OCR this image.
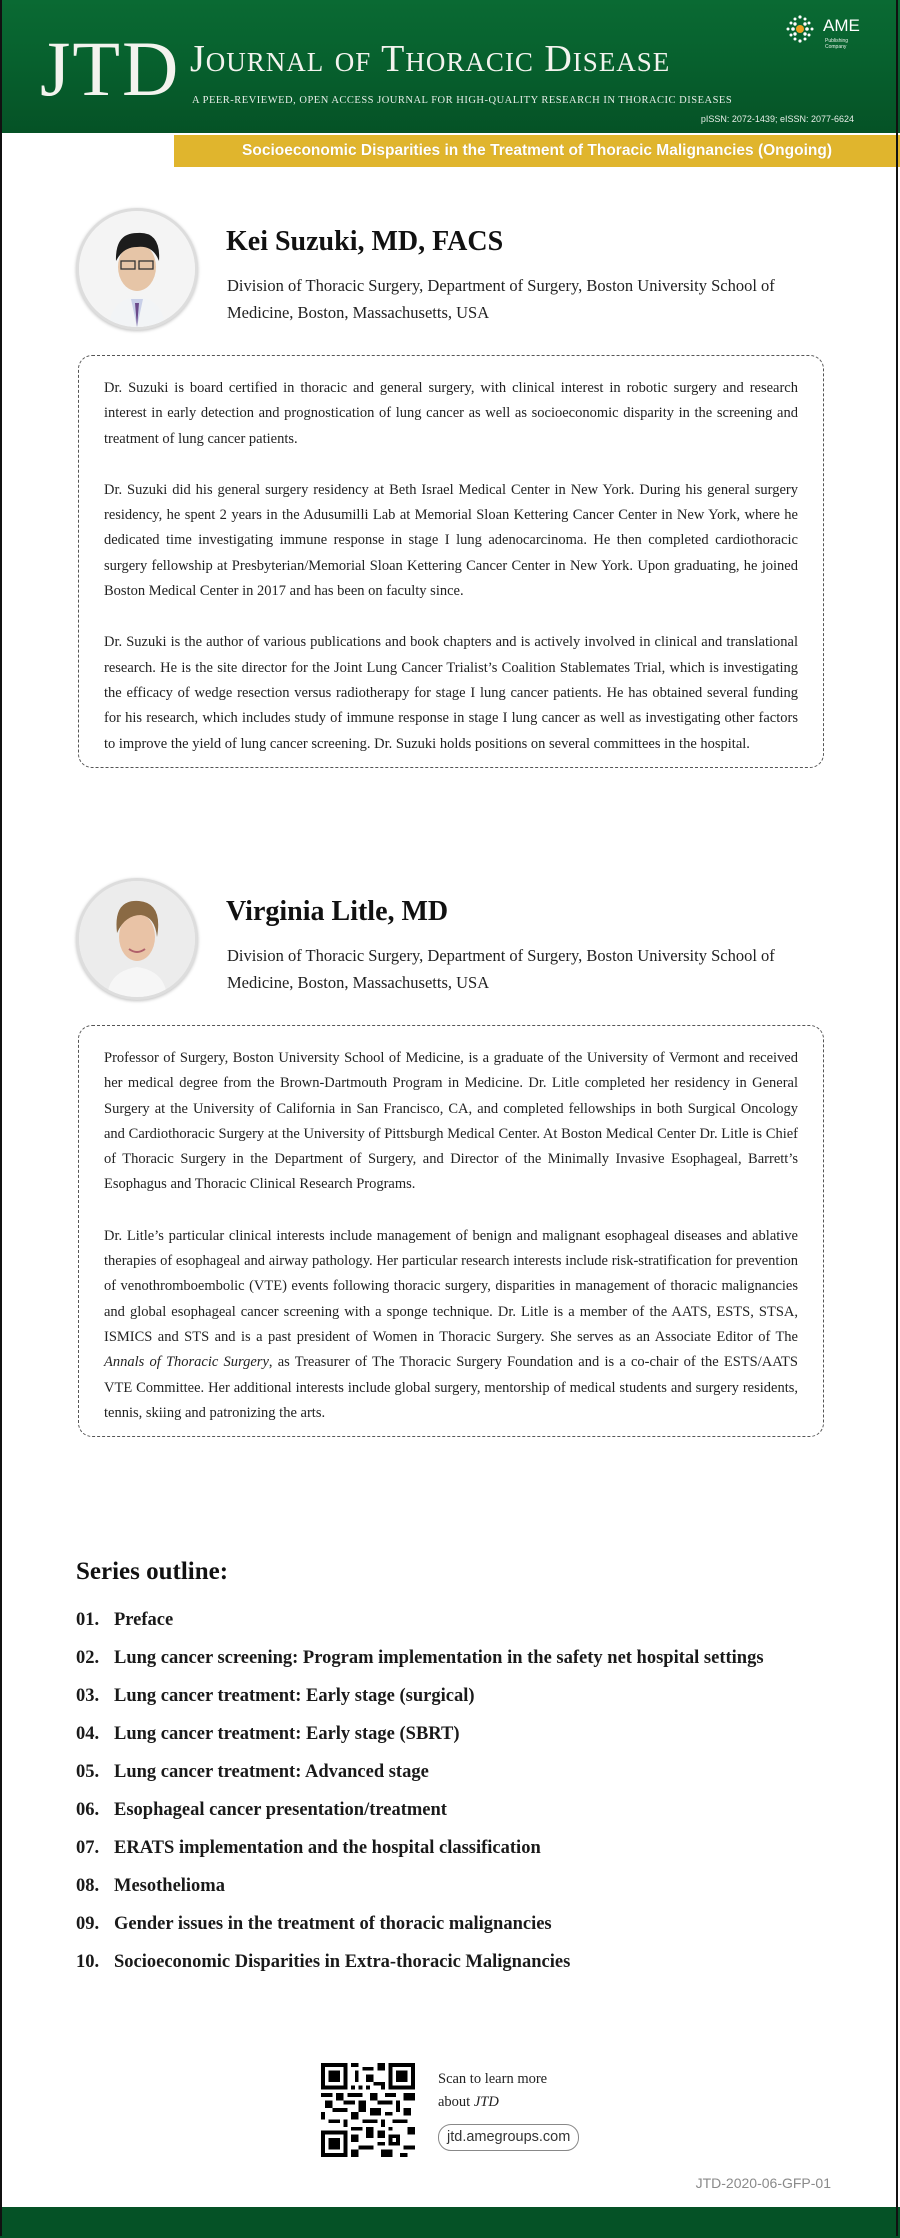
JTD Journal of Thoracic Disease
A PEER-REVIEWED, OPEN ACCESS JOURNAL FOR HIGH-QUALITY RESEARCH IN THORACIC DISEASES
pISSN: 2072-1439; eISSN: 2077-6624
AME
Publishing Company
Socioeconomic Disparities in the Treatment of Thoracic Malignancies (Ongoing)
Kei Suzuki, MD, FACS
Division of Thoracic Surgery, Department of Surgery, Boston University School of Medicine, Boston, Massachusetts, USA

Dr. Suzuki is board certified in thoracic and general surgery, with clinical interest in robotic surgery and research interest in early detection and prognostication of lung cancer as well as socioeconomic disparity in the screening and treatment of lung cancer patients.

Dr. Suzuki did his general surgery residency at Beth Israel Medical Center in New York. During his general surgery residency, he spent 2 years in the Adusumilli Lab at Memorial Sloan Kettering Cancer Center in New York, where he dedicated time investigating immune response in stage I lung adenocarcinoma. He then completed cardiothoracic surgery fellowship at Presbyterian/Memorial Sloan Kettering Cancer Center in New York. Upon graduating, he joined Boston Medical Center in 2017 and has been on faculty since.

Dr. Suzuki is the author of various publications and book chapters and is actively involved in clinical and translational research. He is the site director for the Joint Lung Cancer Trialist’s Coalition Stablemates Trial, which is investigating the efficacy of wedge resection versus radiotherapy for stage I lung cancer patients. He has obtained several funding for his research, which includes study of immune response in stage I lung cancer as well as investigating other factors to improve the yield of lung cancer screening. Dr. Suzuki holds positions on several committees in the hospital.

Virginia Litle, MD
Division of Thoracic Surgery, Department of Surgery, Boston University School of Medicine, Boston, Massachusetts, USA

Professor of Surgery, Boston University School of Medicine, is a graduate of the University of Vermont and received her medical degree from the Brown-Dartmouth Program in Medicine. Dr. Litle completed her residency in General Surgery at the University of California in San Francisco, CA, and completed fellowships in both Surgical Oncology and Cardiothoracic Surgery at the University of Pittsburgh Medical Center. At Boston Medical Center Dr. Litle is Chief of Thoracic Surgery in the Department of Surgery, and Director of the Minimally Invasive Esophageal, Barrett’s Esophagus and Thoracic Clinical Research Programs.

Dr. Litle’s particular clinical interests include management of benign and malignant esophageal diseases and ablative therapies of esophageal and airway pathology. Her particular research interests include risk-stratification for prevention of venothromboembolic (VTE) events following thoracic surgery, disparities in management of thoracic malignancies and global esophageal cancer screening with a sponge technique. Dr. Litle is a member of the AATS, ESTS, STSA, ISMICS and STS and is a past president of Women in Thoracic Surgery. She serves as an Associate Editor of The Annals of Thoracic Surgery, as Treasurer of The Thoracic Surgery Foundation and is a co-chair of the ESTS/AATS VTE Committee. Her additional interests include global surgery, mentorship of medical students and surgery residents, tennis, skiing and patronizing the arts.

Series outline:
01. Preface
02. Lung cancer screening: Program implementation in the safety net hospital settings
03. Lung cancer treatment: Early stage (surgical)
04. Lung cancer treatment: Early stage (SBRT)
05. Lung cancer treatment: Advanced stage
06. Esophageal cancer presentation/treatment
07. ERATS implementation and the hospital classification
08. Mesothelioma
09. Gender issues in the treatment of thoracic malignancies
10. Socioeconomic Disparities in Extra-thoracic Malignancies
Scan to learn more
about JTD
jtd.amegroups.com
JTD-2020-06-GFP-01
